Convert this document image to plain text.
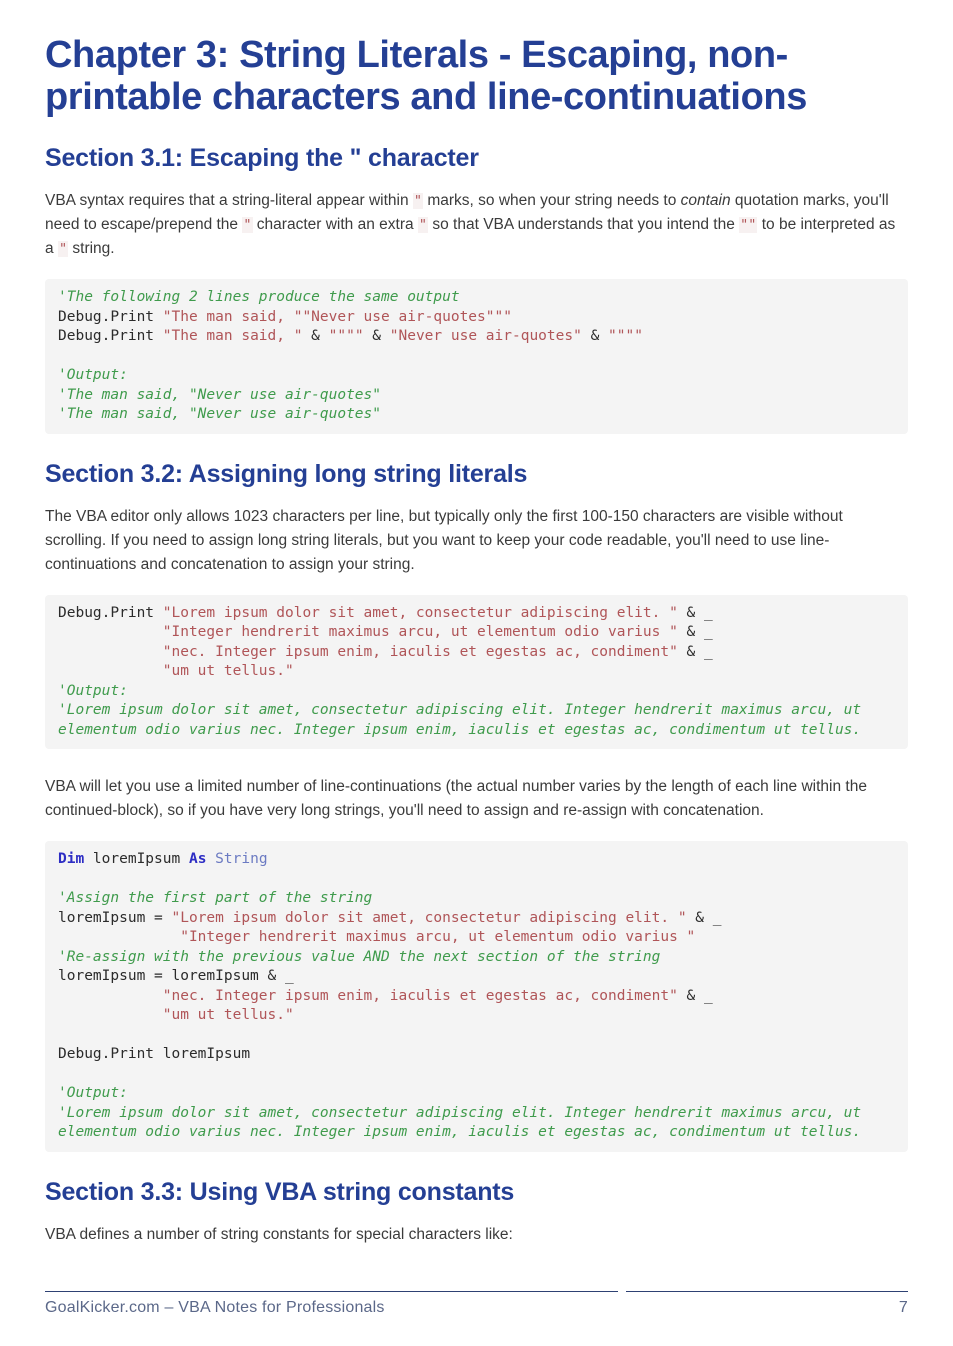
Chapter 3: String Literals - Escaping, non-printable characters and line-continuations
Section 3.1: Escaping the " character

VBA syntax requires that a string-literal appear within " marks, so when your string needs to contain quotation marks, you'll need to escape/prepend the " character with an extra " so that VBA understands that you intend the "" to be interpreted as a " string.

'The following 2 lines produce the same output
Debug.Print "The man said, ""Never use air-quotes"""
Debug.Print "The man said, " & """" & "Never use air-quotes" & """"

'Output:
'The man said, "Never use air-quotes"
'The man said, "Never use air-quotes"
Section 3.2: Assigning long string literals

The VBA editor only allows 1023 characters per line, but typically only the first 100-150 characters are visible without scrolling. If you need to assign long string literals, but you want to keep your code readable, you'll need to use line-continuations and concatenation to assign your string.

Debug.Print "Lorem ipsum dolor sit amet, consectetur adipiscing elit. " & _
"Integer hendrerit maximus arcu, ut elementum odio varius " & _
"nec. Integer ipsum enim, iaculis et egestas ac, condiment" & _
"um ut tellus."
'Output:
'Lorem ipsum dolor sit amet, consectetur adipiscing elit. Integer hendrerit maximus arcu, ut
elementum odio varius nec. Integer ipsum enim, iaculis et egestas ac, condimentum ut tellus.

VBA will let you use a limited number of line-continuations (the actual number varies by the length of each line within the continued-block), so if you have very long strings, you'll need to assign and re-assign with concatenation.

Dim loremIpsum As String

'Assign the first part of the string
loremIpsum = "Lorem ipsum dolor sit amet, consectetur adipiscing elit. " & _
"Integer hendrerit maximus arcu, ut elementum odio varius "
'Re-assign with the previous value AND the next section of the string
loremIpsum = loremIpsum & _
"nec. Integer ipsum enim, iaculis et egestas ac, condiment" & _
"um ut tellus."

Debug.Print loremIpsum

'Output:
'Lorem ipsum dolor sit amet, consectetur adipiscing elit. Integer hendrerit maximus arcu, ut
elementum odio varius nec. Integer ipsum enim, iaculis et egestas ac, condimentum ut tellus.
Section 3.3: Using VBA string constants

VBA defines a number of string constants for special characters like:

GoalKicker.com – VBA Notes for Professionals	7
